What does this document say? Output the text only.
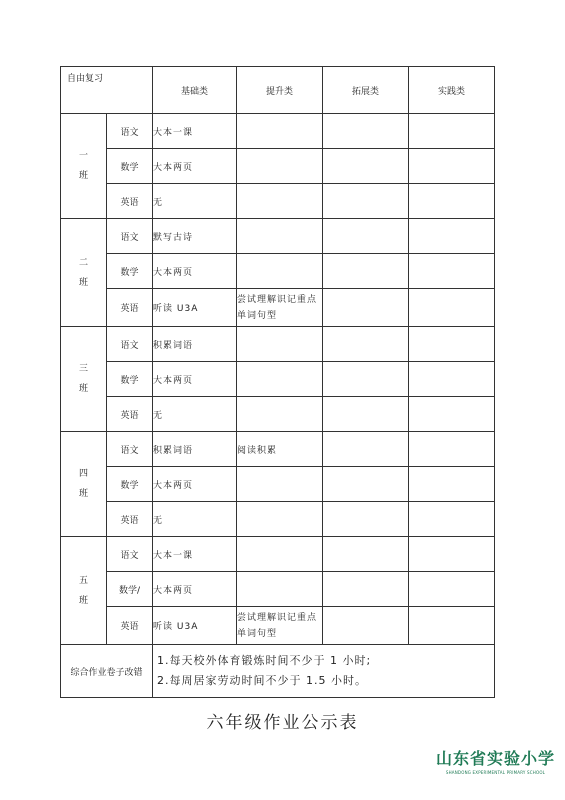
自由复习		基础类	提升类	拓展类	实践类
一
班	语文	大本一课			
	数学	大本两页			
	英语	无			
二
班	语文	默写古诗			
	数学	大本两页			
	英语	听读 U3A	尝试理解识记重点单词句型		
三
班	语文	积累词语			
	数学	大本两页			
	英语	无			
四
班	语文	积累词语	阅读积累		
	数学	大本两页			
	英语	无			
五
班	语文	大本一课			
	数学/	大本两页			
	英语	听读 U3A	尝试理解识记重点单词句型		
综合作业卷子改错		1.每天校外体育锻炼时间不少于 1 小时;
2.每周居家劳动时间不少于 1.5 小时。			
六年级作业公示表
山东省实验小学
SHANDONG EXPERIMENTAL PRIMARY SCHOOL
